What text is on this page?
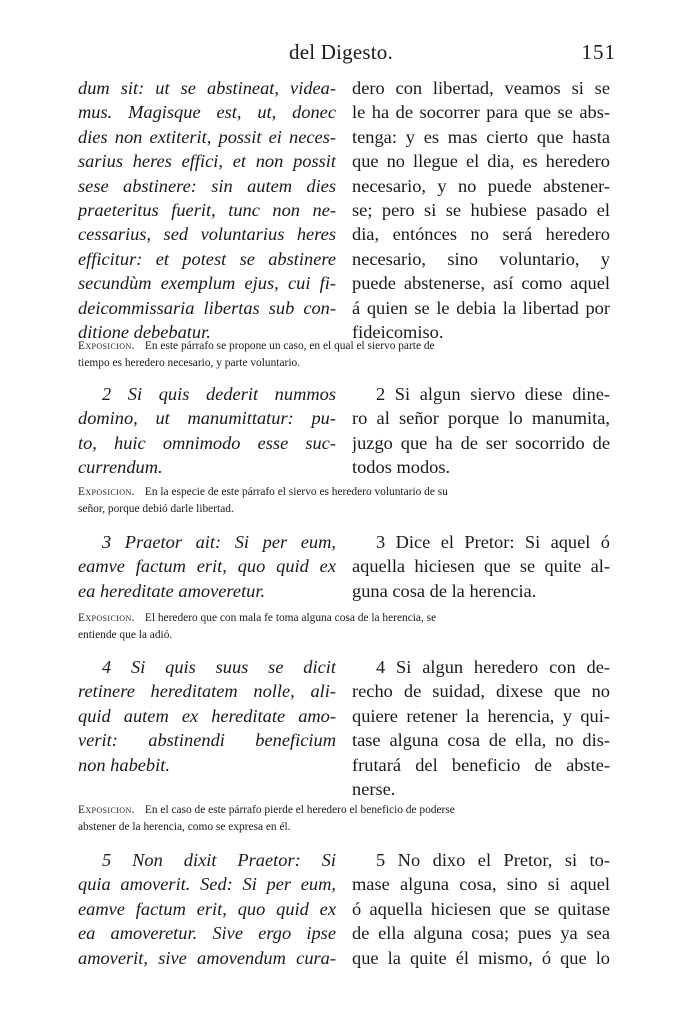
del Digesto.	151
dum sit: ut se abstineat, videa-
mus. Magisque est, ut, donec
dies non extiterit, possit ei neces-
sarius heres effici, et non possit
sese abstinere: sin autem dies
praeteritus fuerit, tunc non ne-
cessarius, sed voluntarius heres
efficitur: et potest se abstinere
secundùm exemplum ejus, cui fi-
deicommissaria libertas sub con-
ditione debebatur.
dero con libertad, veamos si se
le ha de socorrer para que se abs-
tenga: y es mas cierto que hasta
que no llegue el dia, es heredero
necesario, y no puede abstener-
se; pero si se hubiese pasado el
dia, entónces no será heredero
necesario, sino voluntario, y
puede abstenerse, así como aquel
á quien se le debia la libertad por
fideicomiso.
Exposicion. En este párrafo se propone un caso, en el qual el siervo parte de
tiempo es heredero necesario, y parte voluntario.
2 Si quis dederit nummos
domino, ut manumittatur: pu-
to, huic omnimodo esse suc-
currendum.
2 Si algun siervo diese dine-
ro al señor porque lo manumita,
juzgo que ha de ser socorrido de
todos modos.
Exposicion. En la especie de este párrafo el siervo es heredero voluntario de su
señor, porque debió darle libertad.
3 Praetor ait: Si per eum,
eamve factum erit, quo quid ex
ea hereditate amoveretur.
3 Dice el Pretor: Si aquel ó
aquella hiciesen que se quite al-
guna cosa de la herencia.
Exposicion. El heredero que con mala fe toma alguna cosa de la herencia, se
entiende que la adió.
4 Si quis suus se dicit
retinere hereditatem nolle, ali-
quid autem ex hereditate amo-
verit: abstinendi beneficium
non habebit.
4 Si algun heredero con de-
recho de suidad, dixese que no
quiere retener la herencia, y qui-
tase alguna cosa de ella, no dis-
frutará del beneficio de abste-
nerse.
Exposicion. En el caso de este párrafo pierde el heredero el beneficio de poderse
abstener de la herencia, como se expresa en él.
5 Non dixit Praetor: Si
quia amoverit. Sed: Si per eum,
eamve factum erit, quo quid ex
ea amoveretur. Sive ergo ipse
amoverit, sive amovendum cura-
5 No dixo el Pretor, si to-
mase alguna cosa, sino si aquel
ó aquella hiciesen que se quitase
de ella alguna cosa; pues ya sea
que la quite él mismo, ó que lo
